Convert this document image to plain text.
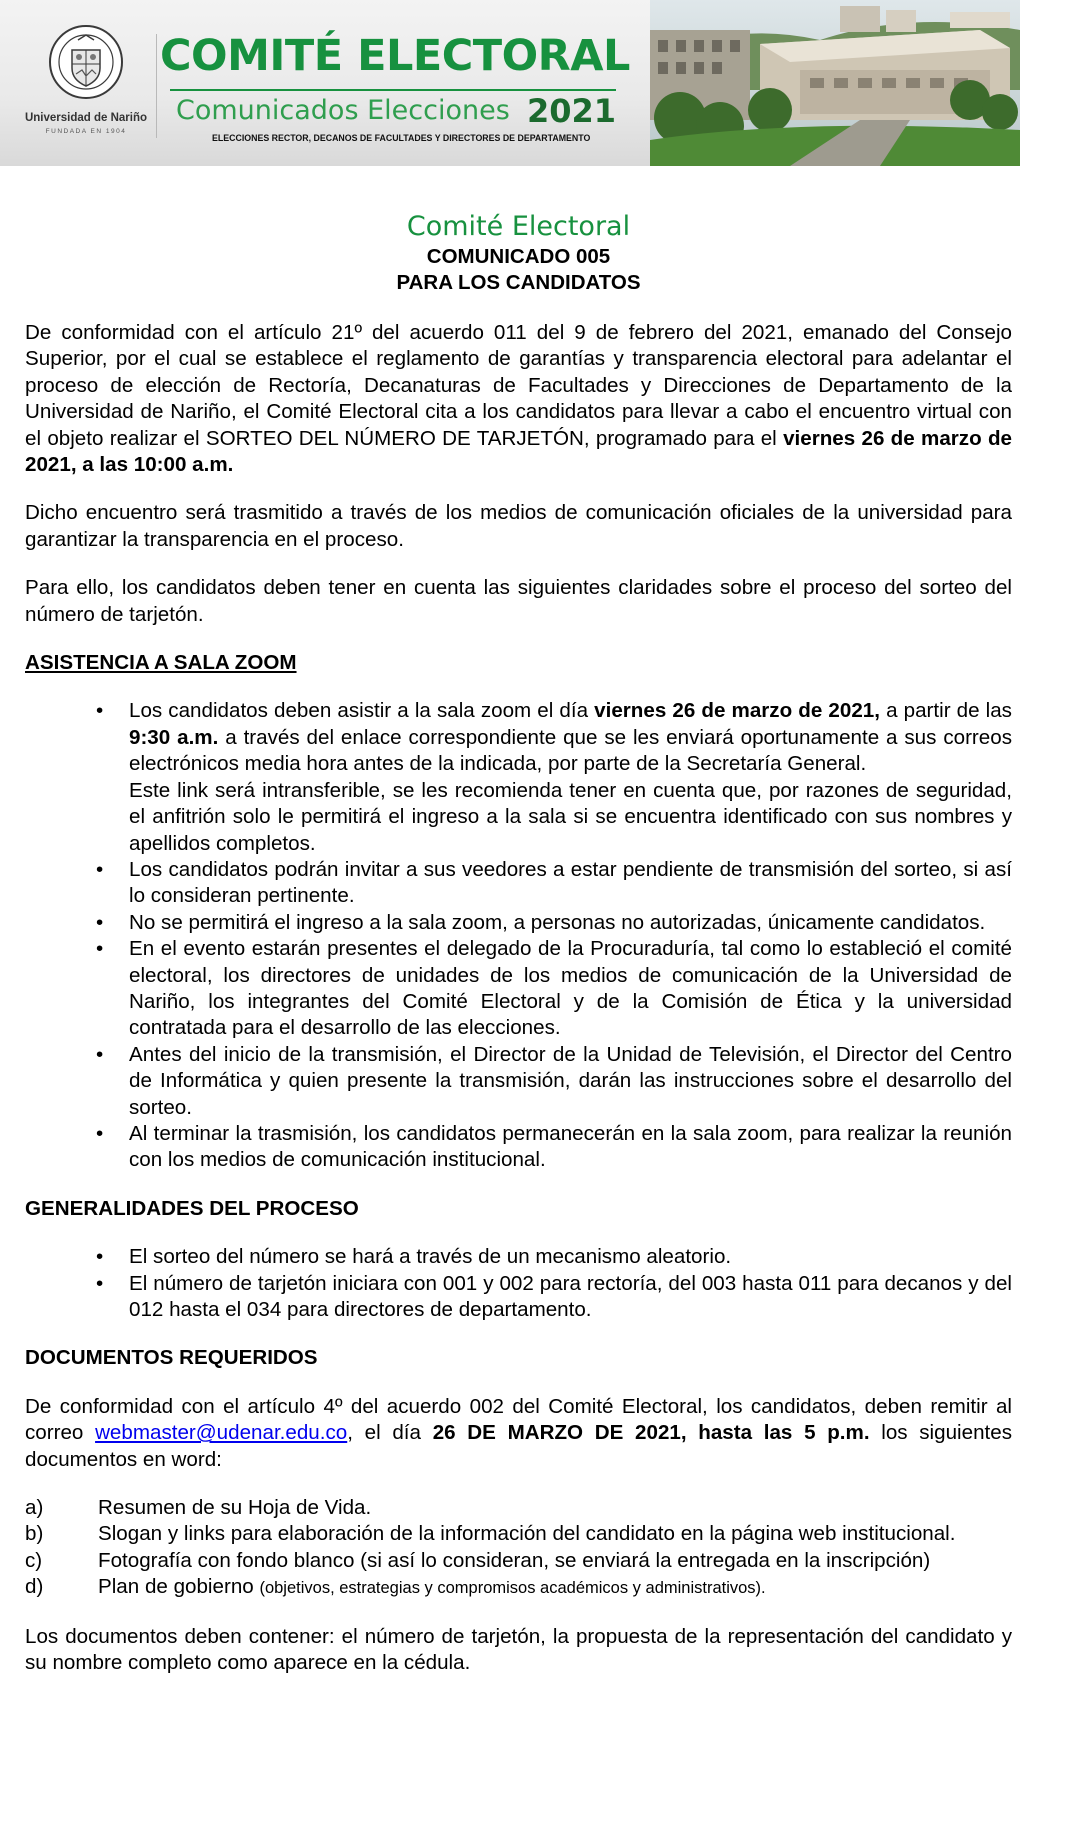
Universidad de Nariño
FUNDADA EN 1904
COMITÉ ELECTORAL
Comunicados Elecciones 2021
ELECCIONES RECTOR, DECANOS DE FACULTADES Y DIRECTORES DE DEPARTAMENTO
Comité Electoral
COMUNICADO 005
PARA LOS CANDIDATOS

De conformidad con el artículo 21º del acuerdo 011 del 9 de febrero del 2021, emanado del Consejo Superior, por el cual se establece el reglamento de garantías y transparencia electoral para adelantar el proceso de elección de Rectoría, Decanaturas de Facultades y Direcciones de Departamento de la Universidad de Nariño, el Comité Electoral cita a los candidatos para llevar a cabo el encuentro virtual con el objeto realizar el SORTEO DEL NÚMERO DE TARJETÓN, programado para el viernes 26 de marzo de 2021, a las 10:00 a.m.

Dicho encuentro será trasmitido a través de los medios de comunicación oficiales de la universidad para garantizar la transparencia en el proceso.

Para ello, los candidatos deben tener en cuenta las siguientes claridades sobre el proceso del sorteo del número de tarjetón.

ASISTENCIA A SALA ZOOM
• Los candidatos deben asistir a la sala zoom el día viernes 26 de marzo de 2021, a partir de las 9:30 a.m. a través del enlace correspondiente que se les enviará oportunamente a sus correos electrónicos media hora antes de la indicada, por parte de la Secretaría General.
Este link será intransferible, se les recomienda tener en cuenta que, por razones de seguridad, el anfitrión solo le permitirá el ingreso a la sala si se encuentra identificado con sus nombres y apellidos completos.
• Los candidatos podrán invitar a sus veedores a estar pendiente de transmisión del sorteo, si así lo consideran pertinente.
• No se permitirá el ingreso a la sala zoom, a personas no autorizadas, únicamente candidatos.
• En el evento estarán presentes el delegado de la Procuraduría, tal como lo estableció el comité electoral, los directores de unidades de los medios de comunicación de la Universidad de Nariño, los integrantes del Comité Electoral y de la Comisión de Ética y la universidad contratada para el desarrollo de las elecciones.
• Antes del inicio de la transmisión, el Director de la Unidad de Televisión, el Director del Centro de Informática y quien presente la transmisión, darán las instrucciones sobre el desarrollo del sorteo.
• Al terminar la trasmisión, los candidatos permanecerán en la sala zoom, para realizar la reunión con los medios de comunicación institucional.
GENERALIDADES DEL PROCESO
• El sorteo del número se hará a través de un mecanismo aleatorio.
• El número de tarjetón iniciara con 001 y 002 para rectoría, del 003 hasta 011 para decanos y del 012 hasta el 034 para directores de departamento.
DOCUMENTOS REQUERIDOS

De conformidad con el artículo 4º del acuerdo 002 del Comité Electoral, los candidatos, deben remitir al correo webmaster@udenar.edu.co, el día 26 DE MARZO DE 2021, hasta las 5 p.m. los siguientes documentos en word:

a)	Resumen de su Hoja de Vida.
b)	Slogan y links para elaboración de la información del candidato en la página web institucional.
c)	Fotografía con fondo blanco (si así lo consideran, se enviará la entregada en la inscripción)
d)	Plan de gobierno (objetivos, estrategias y compromisos académicos y administrativos).

Los documentos deben contener: el número de tarjetón, la propuesta de la representación del candidato y su nombre completo como aparece en la cédula.
